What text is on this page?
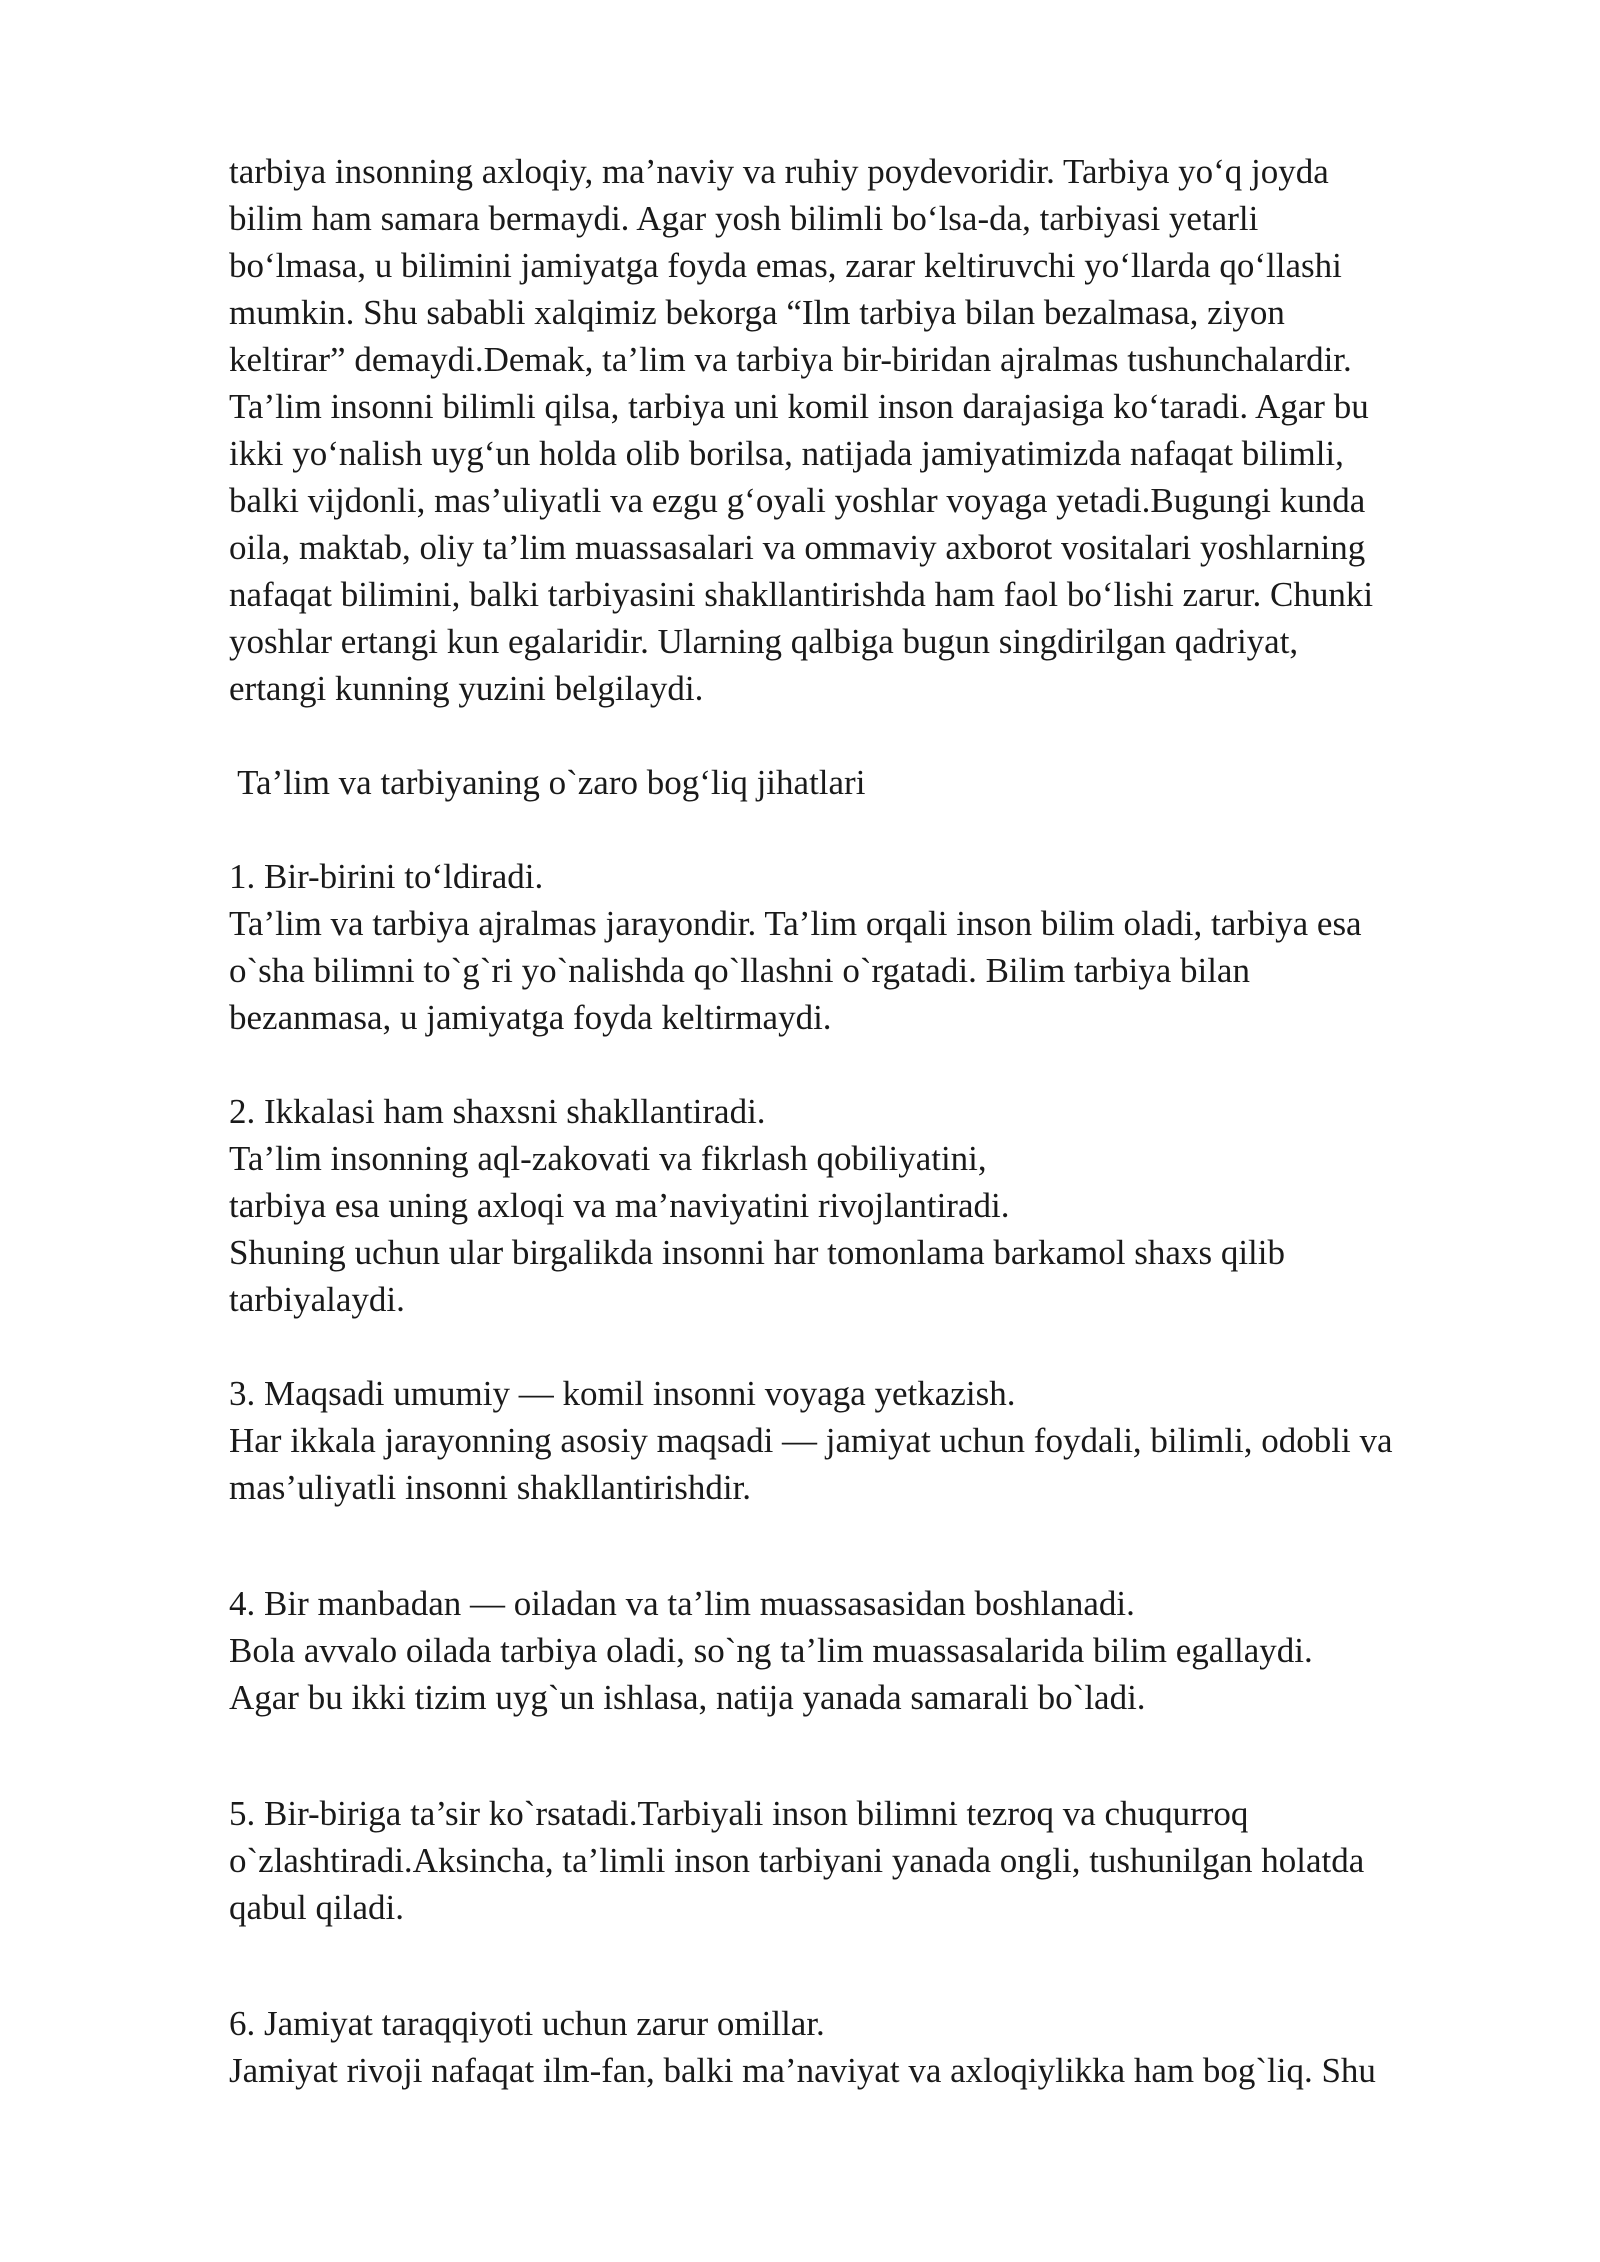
tarbiya insonning axloqiy, ma’naviy va ruhiy poydevoridir. Tarbiya yo‘q joyda
bilim ham samara bermaydi. Agar yosh bilimli bo‘lsa-da, tarbiyasi yetarli
bo‘lmasa, u bilimini jamiyatga foyda emas, zarar keltiruvchi yo‘llarda qo‘llashi
mumkin. Shu sababli xalqimiz bekorga “Ilm tarbiya bilan bezalmasa, ziyon
keltirar” demaydi.Demak, ta’lim va tarbiya bir-biridan ajralmas tushunchalardir.
Ta’lim insonni bilimli qilsa, tarbiya uni komil inson darajasiga ko‘taradi. Agar bu
ikki yo‘nalish uyg‘un holda olib borilsa, natijada jamiyatimizda nafaqat bilimli,
balki vijdonli, mas’uliyatli va ezgu g‘oyali yoshlar voyaga yetadi.Bugungi kunda
oila, maktab, oliy ta’lim muassasalari va ommaviy axborot vositalari yoshlarning
nafaqat bilimini, balki tarbiyasini shakllantirishda ham faol bo‘lishi zarur. Chunki
yoshlar ertangi kun egalaridir. Ularning qalbiga bugun singdirilgan qadriyat,
ertangi kunning yuzini belgilaydi.
Ta’lim va tarbiyaning o`zaro bog‘liq jihatlari
1. Bir-birini to‘ldiradi.
Ta’lim va tarbiya ajralmas jarayondir. Ta’lim orqali inson bilim oladi, tarbiya esa
o`sha bilimni to`g`ri yo`nalishda qo`llashni o`rgatadi. Bilim tarbiya bilan
bezanmasa, u jamiyatga foyda keltirmaydi.
2. Ikkalasi ham shaxsni shakllantiradi.
Ta’lim insonning aql-zakovati va fikrlash qobiliyatini,
tarbiya esa uning axloqi va ma’naviyatini rivojlantiradi.
Shuning uchun ular birgalikda insonni har tomonlama barkamol shaxs qilib
tarbiyalaydi.
3. Maqsadi umumiy — komil insonni voyaga yetkazish.
Har ikkala jarayonning asosiy maqsadi — jamiyat uchun foydali, bilimli, odobli va
mas’uliyatli insonni shakllantirishdir.
4. Bir manbadan — oiladan va ta’lim muassasasidan boshlanadi.
Bola avvalo oilada tarbiya oladi, so`ng ta’lim muassasalarida bilim egallaydi.
Agar bu ikki tizim uyg`un ishlasa, natija yanada samarali bo`ladi.
5. Bir-biriga ta’sir ko`rsatadi.Tarbiyali inson bilimni tezroq va chuqurroq
o`zlashtiradi.Aksincha, ta’limli inson tarbiyani yanada ongli, tushunilgan holatda
qabul qiladi.
6. Jamiyat taraqqiyoti uchun zarur omillar.
Jamiyat rivoji nafaqat ilm-fan, balki ma’naviyat va axloqiylikka ham bog`liq. Shu
